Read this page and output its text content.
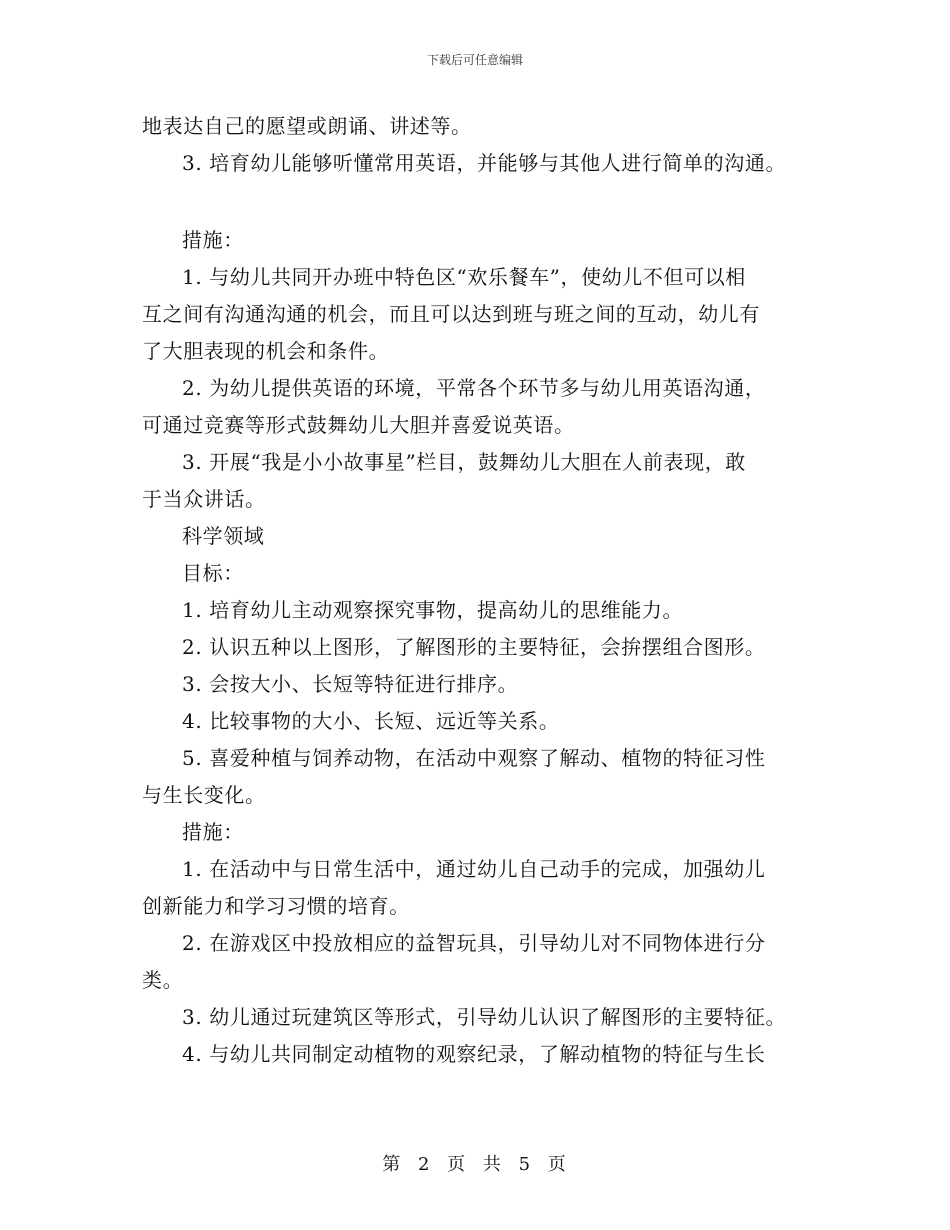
下载后可任意编辑

地表达自己的愿望或朗诵、讲述等。

3. 培育幼儿能够听懂常用英语，并能够与其他人进行简单的沟通。

措施：

1. 与幼儿共同开办班中特色区“欢乐餐车”，使幼儿不但可以相

互之间有沟通沟通的机会，而且可以达到班与班之间的互动，幼儿有

了大胆表现的机会和条件。

2. 为幼儿提供英语的环境，平常各个环节多与幼儿用英语沟通，

可通过竞赛等形式鼓舞幼儿大胆并喜爱说英语。

3. 开展“我是小小故事星”栏目，鼓舞幼儿大胆在人前表现，敢

于当众讲话。

科学领域

目标：

1. 培育幼儿主动观察探究事物，提高幼儿的思维能力。

2. 认识五种以上图形，了解图形的主要特征，会拚摆组合图形。

3. 会按大小、长短等特征进行排序。

4. 比较事物的大小、长短、远近等关系。

5. 喜爱种植与饲养动物，在活动中观察了解动、植物的特征习性

与生长变化。

措施：

1. 在活动中与日常生活中，通过幼儿自己动手的完成，加强幼儿

创新能力和学习习惯的培育。

2. 在游戏区中投放相应的益智玩具，引导幼儿对不同物体进行分

类。

3. 幼儿通过玩建筑区等形式，引导幼儿认识了解图形的主要特征。

4. 与幼儿共同制定动植物的观察纪录，了解动植物的特征与生长

第 2 页 共 5 页
